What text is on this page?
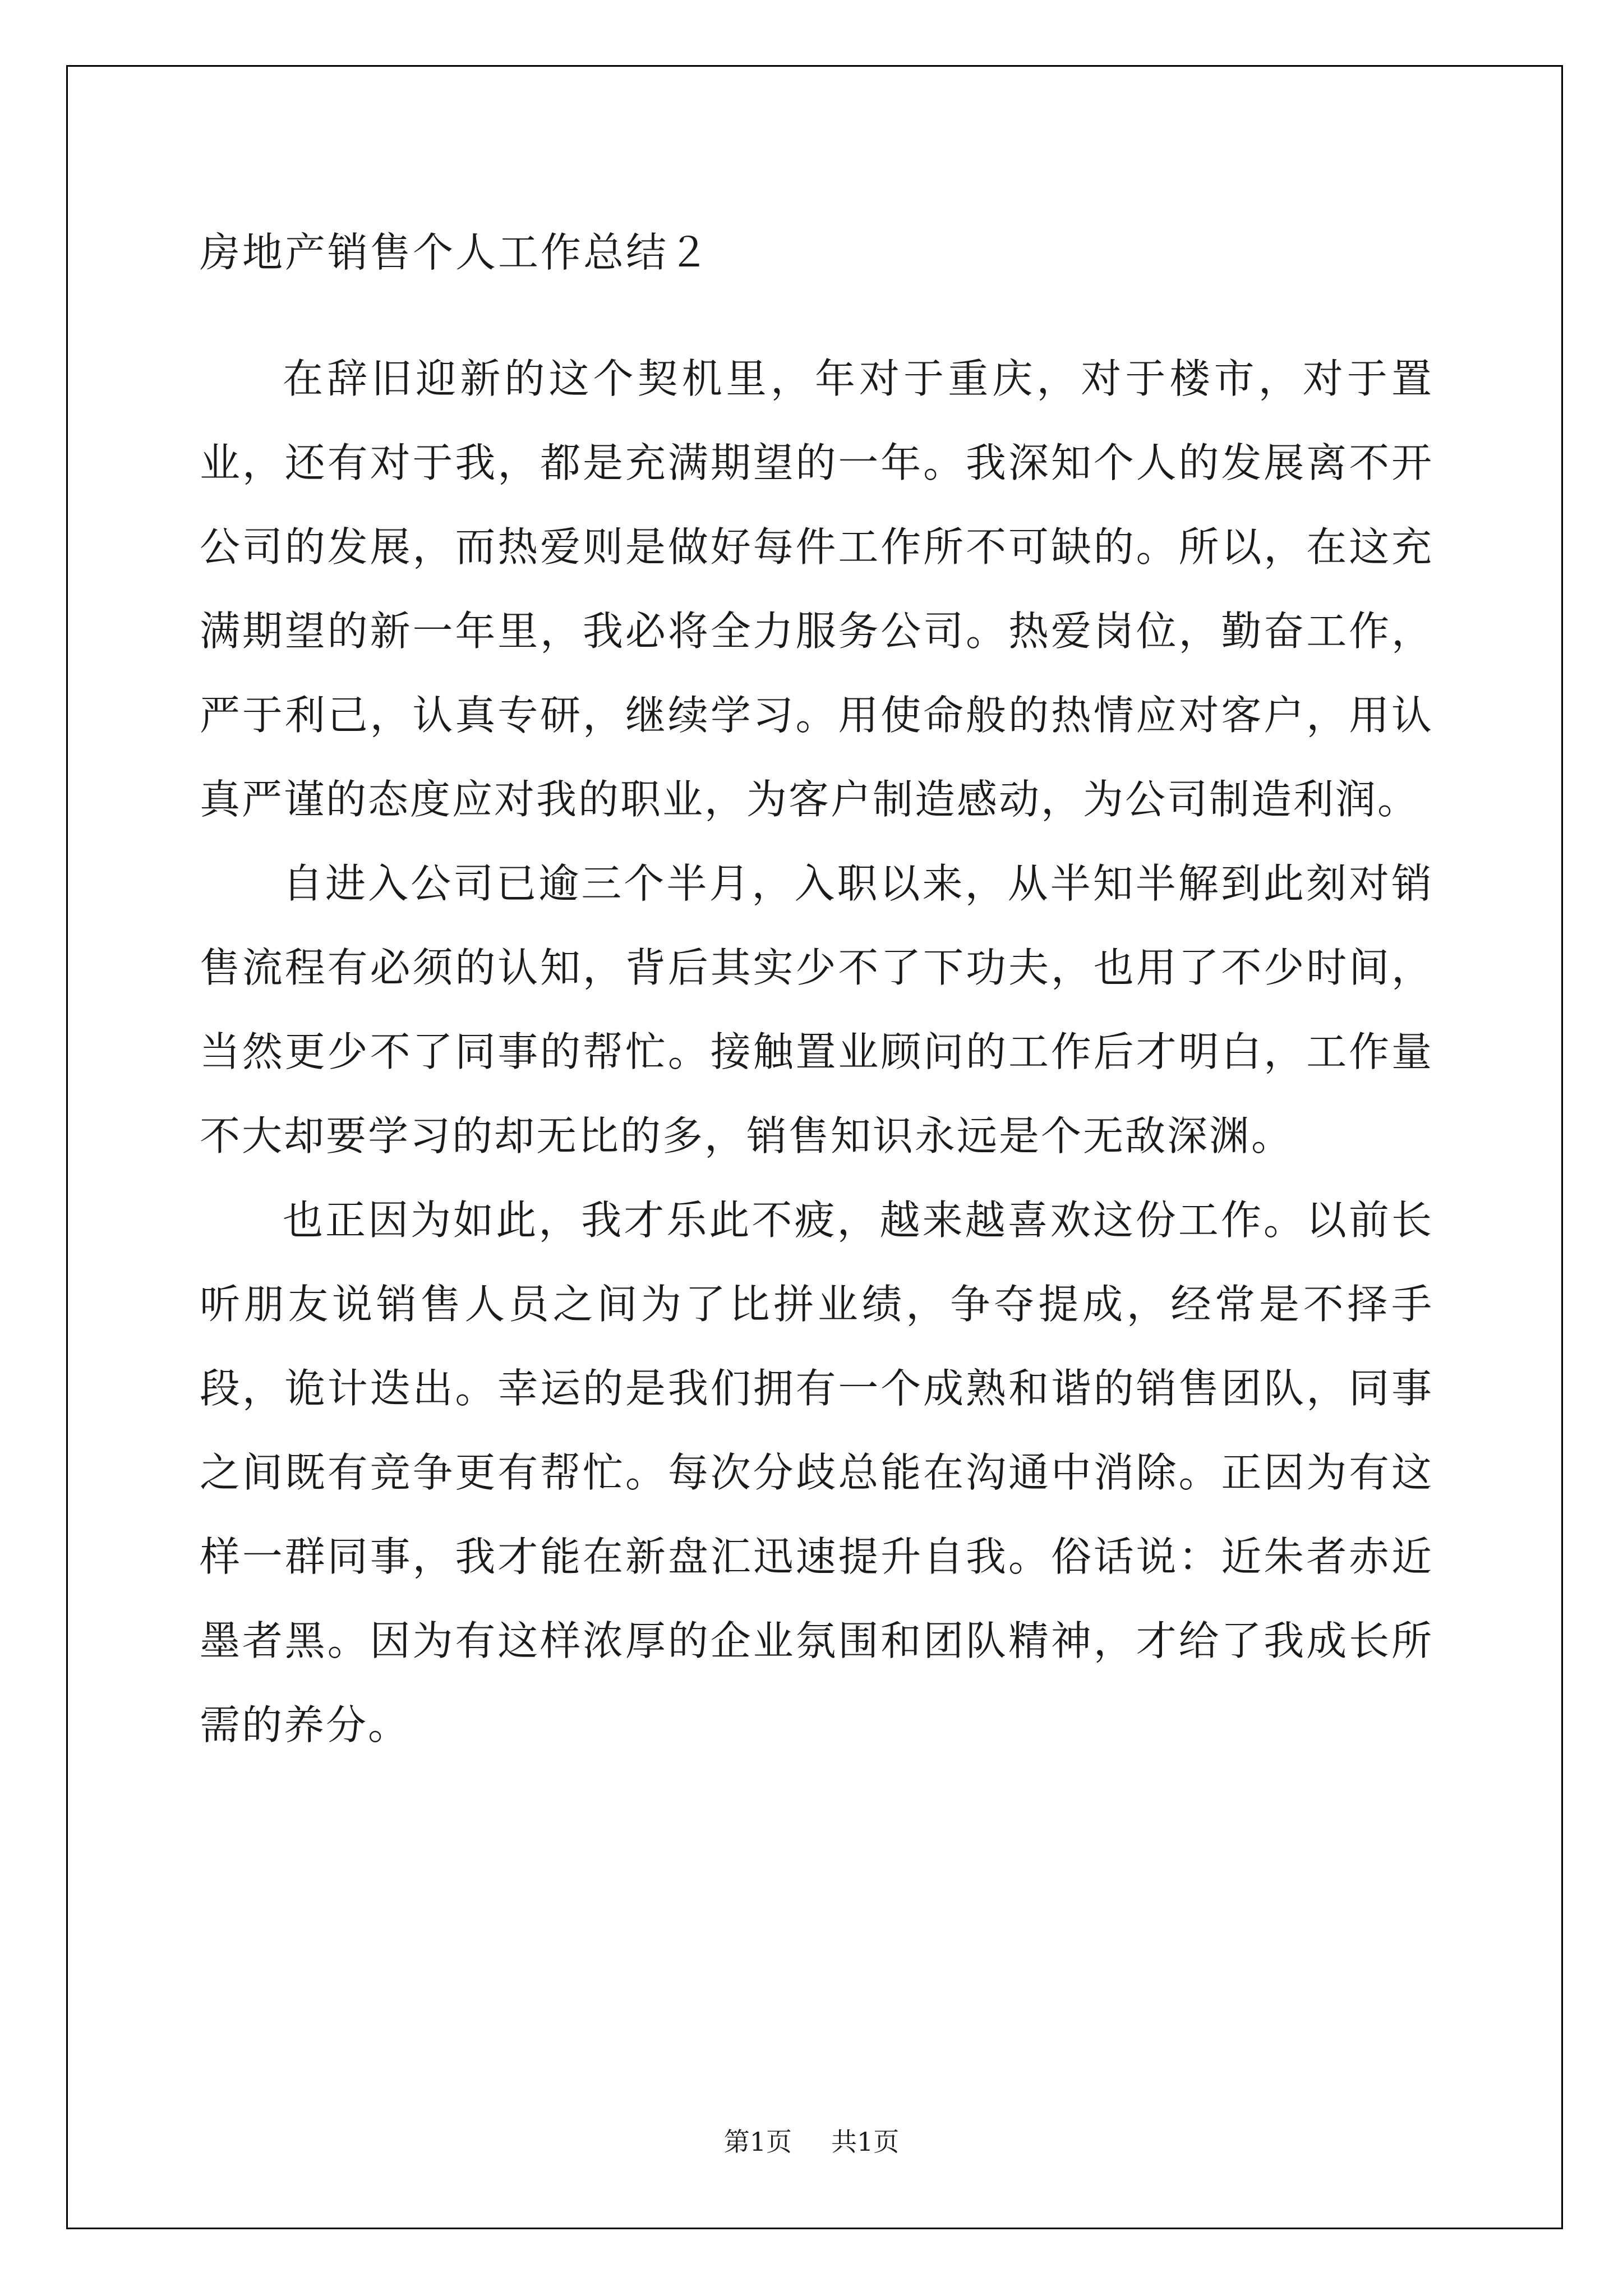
房地产销售个人工作总结２

在辞旧迎新的这个契机里，年对于重庆，对于楼市，对于置业，还有对于我，都是充满期望的一年。我深知个人的发展离不开公司的发展，而热爱则是做好每件工作所不可缺的。所以，在这充满期望的新一年里，我必将全力服务公司。热爱岗位，勤奋工作，严于利己，认真专研，继续学习。用使命般的热情应对客户，用认真严谨的态度应对我的职业，为客户制造感动，为公司制造利润。

自进入公司已逾三个半月，入职以来，从半知半解到此刻对销售流程有必须的认知，背后其实少不了下功夫，也用了不少时间，当然更少不了同事的帮忙。接触置业顾问的工作后才明白，工作量不大却要学习的却无比的多，销售知识永远是个无敌深渊。

也正因为如此，我才乐此不疲，越来越喜欢这份工作。以前长听朋友说销售人员之间为了比拼业绩，争夺提成，经常是不择手段，诡计迭出。幸运的是我们拥有一个成熟和谐的销售团队，同事之间既有竞争更有帮忙。每次分歧总能在沟通中消除。正因为有这样一群同事，我才能在新盘汇迅速提升自我。俗话说：近朱者赤近墨者黑。因为有这样浓厚的企业氛围和团队精神，才给了我成长所需的养分。

第1页 共1页
